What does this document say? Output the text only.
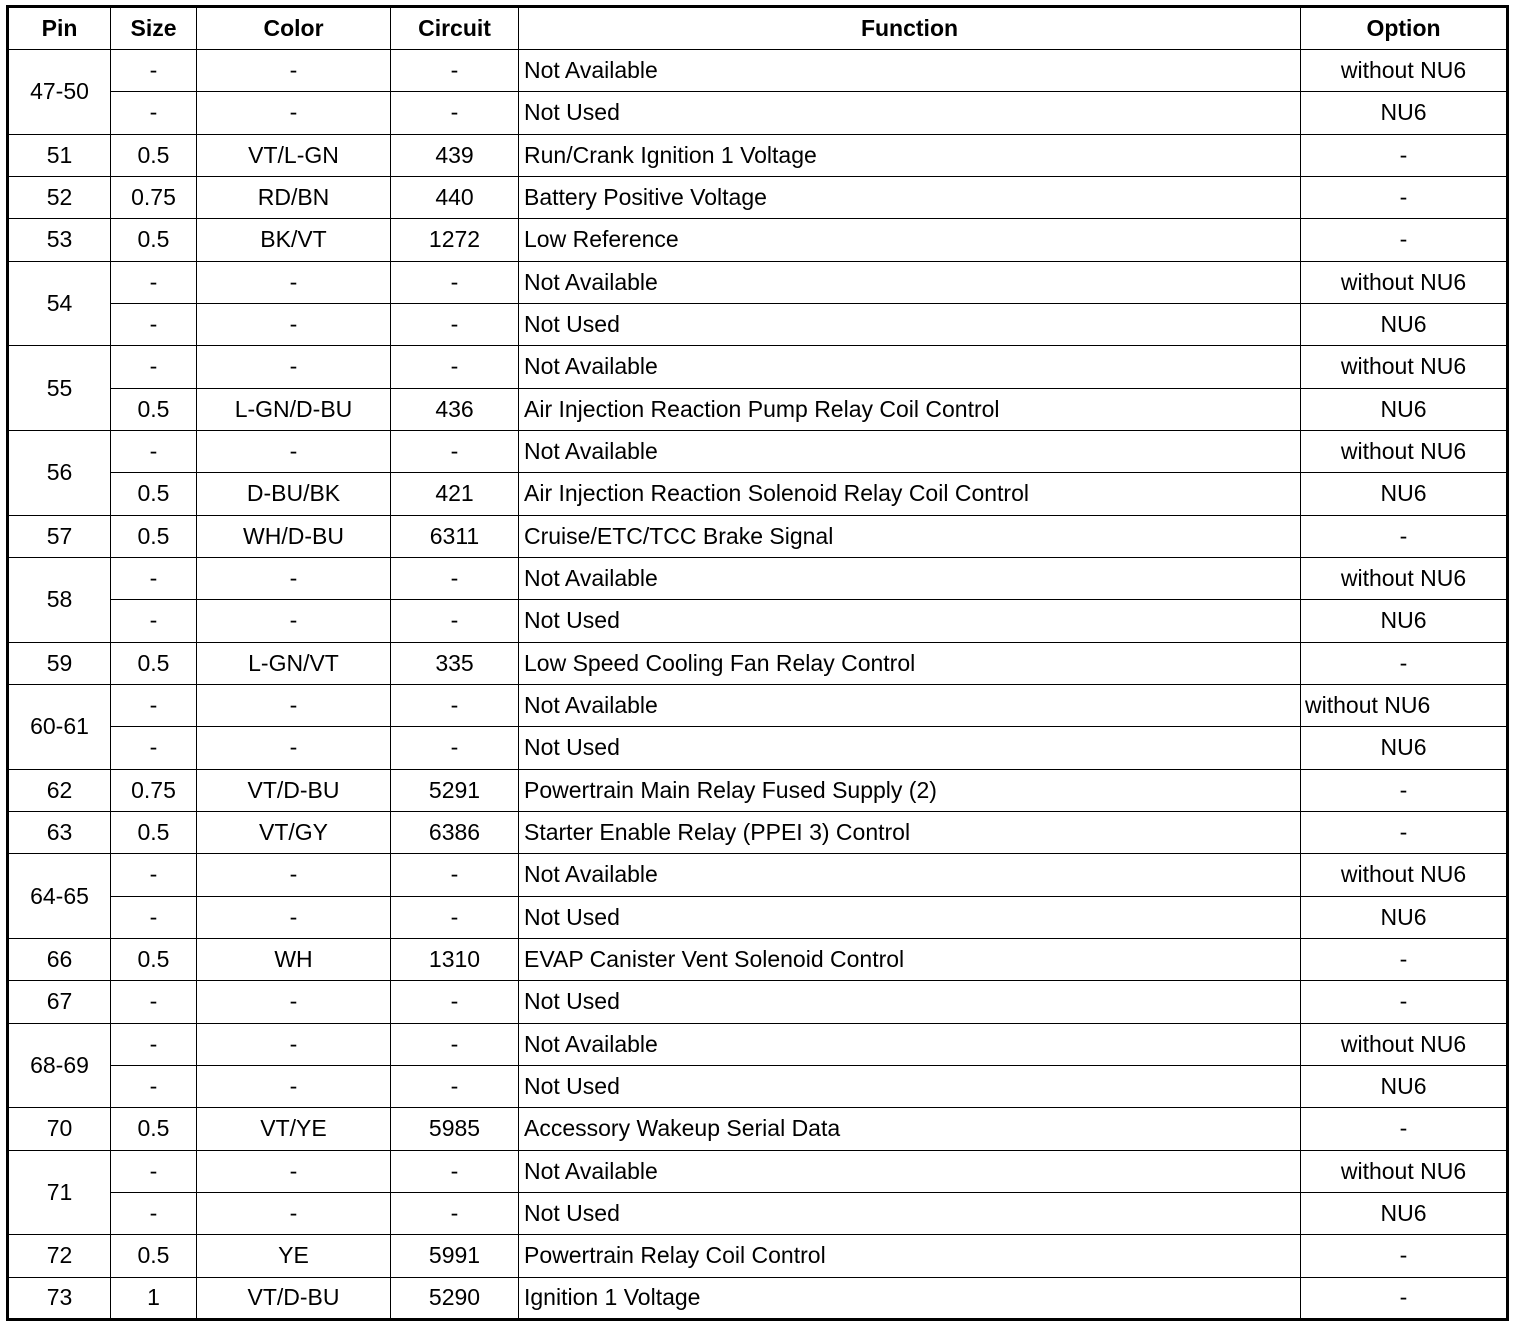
Pin	Size	Color	Circuit	Function	Option
47-50	-	-	-	Not Available	without NU6
	-	-	-	Not Used	NU6
51	0.5	VT/L-GN	439	Run/Crank Ignition 1 Voltage	-
52	0.75	RD/BN	440	Battery Positive Voltage	-
53	0.5	BK/VT	1272	Low Reference	-
54	-	-	-	Not Available	without NU6
	-	-	-	Not Used	NU6
55	-	-	-	Not Available	without NU6
	0.5	L-GN/D-BU	436	Air Injection Reaction Pump Relay Coil Control	NU6
56	-	-	-	Not Available	without NU6
	0.5	D-BU/BK	421	Air Injection Reaction Solenoid Relay Coil Control	NU6
57	0.5	WH/D-BU	6311	Cruise/ETC/TCC Brake Signal	-
58	-	-	-	Not Available	without NU6
	-	-	-	Not Used	NU6
59	0.5	L-GN/VT	335	Low Speed Cooling Fan Relay Control	-
60-61	-	-	-	Not Available	without NU6
	-	-	-	Not Used	NU6
62	0.75	VT/D-BU	5291	Powertrain Main Relay Fused Supply (2)	-
63	0.5	VT/GY	6386	Starter Enable Relay (PPEI 3) Control	-
64-65	-	-	-	Not Available	without NU6
	-	-	-	Not Used	NU6
66	0.5	WH	1310	EVAP Canister Vent Solenoid Control	-
67	-	-	-	Not Used	-
68-69	-	-	-	Not Available	without NU6
	-	-	-	Not Used	NU6
70	0.5	VT/YE	5985	Accessory Wakeup Serial Data	-
71	-	-	-	Not Available	without NU6
	-	-	-	Not Used	NU6
72	0.5	YE	5991	Powertrain Relay Coil Control	-
73	1	VT/D-BU	5290	Ignition 1 Voltage	-
